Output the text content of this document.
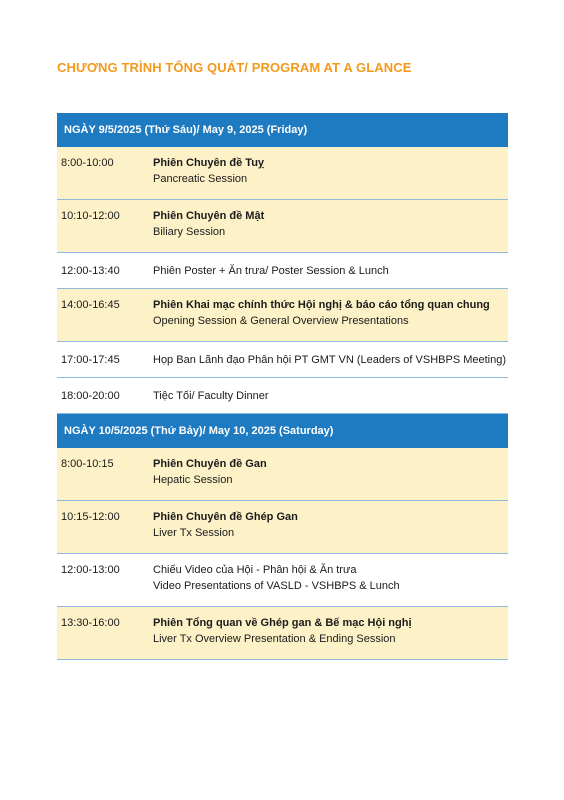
CHƯƠNG TRÌNH TỔNG QUÁT/ PROGRAM AT A GLANCE
NGÀY 9/5/2025 (Thứ Sáu)/ May 9, 2025 (Friday)
8:00-10:00	Phiên Chuyên đề Tuỵ
Pancreatic Session
10:10-12:00	Phiên Chuyên đề Mật
Biliary Session
12:00-13:40	Phiên Poster + Ăn trưa/ Poster Session & Lunch
14:00-16:45	Phiên Khai mạc chính thức Hội nghị & báo cáo tổng quan chung
Opening Session & General Overview Presentations
17:00-17:45	Họp Ban Lãnh đạo Phân hội PT GMT VN (Leaders of VSHBPS Meeting)
18:00-20:00	Tiệc Tối/ Faculty Dinner
NGÀY 10/5/2025 (Thứ Bảy)/ May 10, 2025 (Saturday)
8:00-10:15	Phiên Chuyên đề Gan
Hepatic Session
10:15-12:00	Phiên Chuyên đề Ghép Gan
Liver Tx Session
12:00-13:00	Chiếu Video của Hội - Phân hội & Ăn trưa
Video Presentations of VASLD - VSHBPS & Lunch
13:30-16:00	Phiên Tổng quan về Ghép gan & Bế mạc Hội nghị
Liver Tx Overview Presentation & Ending Session
